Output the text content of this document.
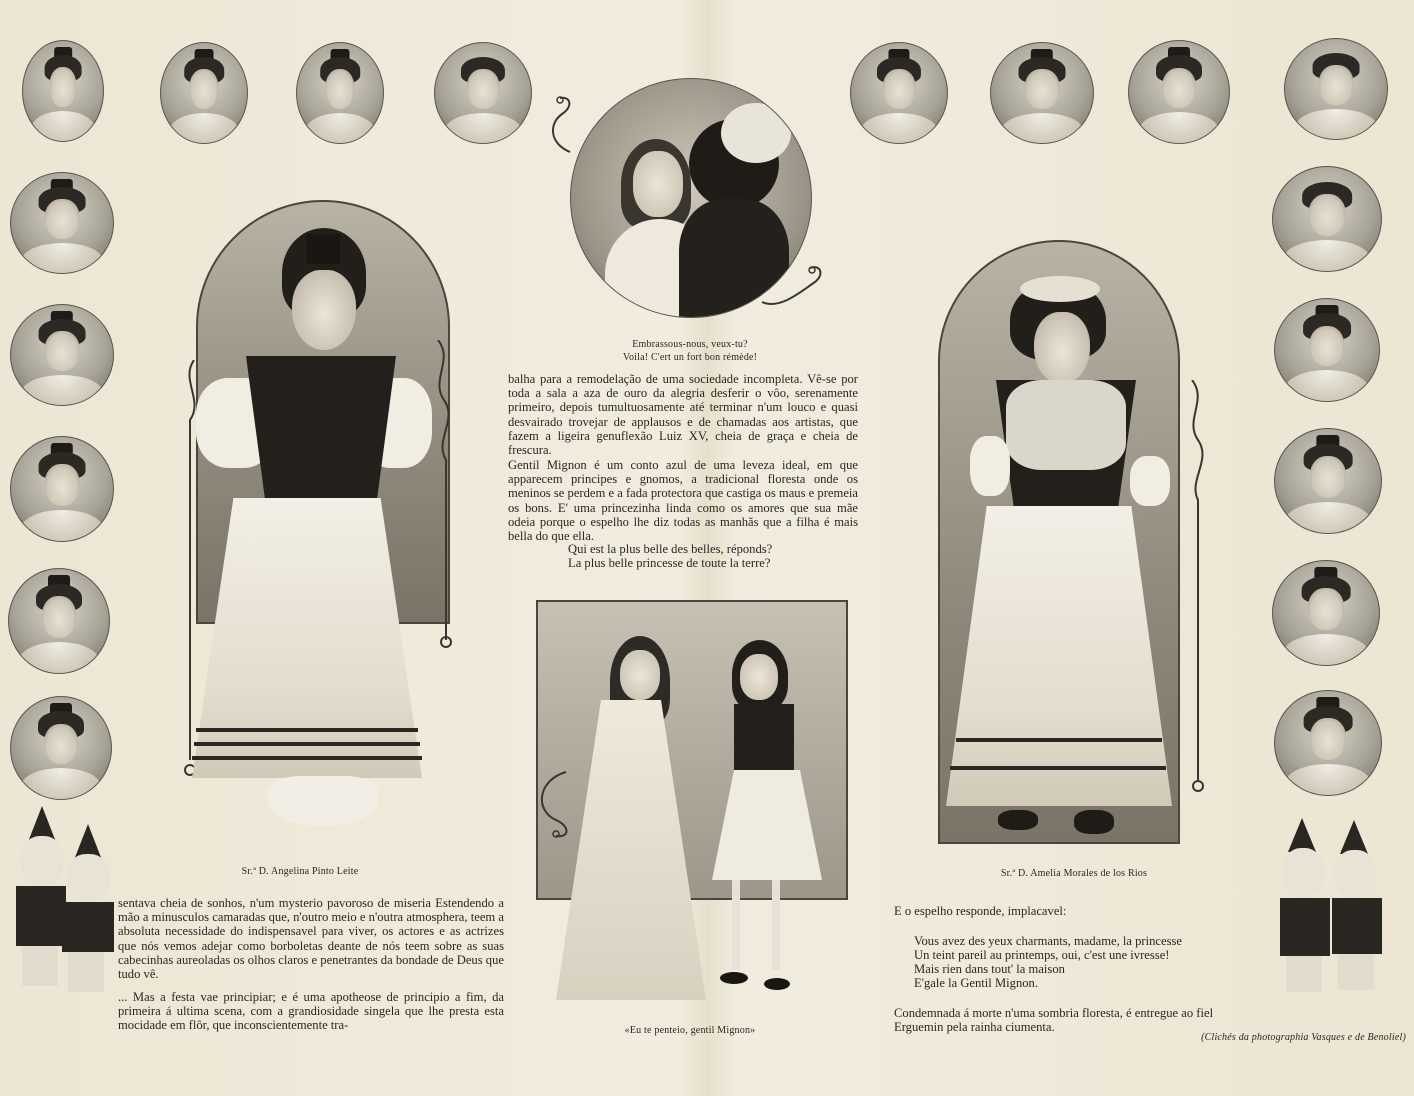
Embrassous-nous, veux-tu?
Voila! C'ert un fort bon rémède!
Sr.ª D. Angelina Pinto Leite	Sr.ª D. Amelia Morales de los Rios
«Eu te penteio, gentil Mignon»
balha para a remodelação de uma sociedade incompleta. Vê-se por toda a sala a aza de ouro da alegria desferir o vôo, serenamente primeiro, depois tumultuosamente até terminar n'um louco e quasi desvairado trovejar de applausos e de chamadas aos artistas, que fazem a ligeira genuflexão Luiz XV, cheia de graça e cheia de frescura.
Gentil Mignon é um conto azul de uma leveza ideal, em que apparecem principes e gnomos, a tradicional floresta onde os meninos se perdem e a fada protectora que castiga os maus e premeia os bons. E' uma princezinha linda como os amores que sua mãe odeia porque o espelho lhe diz todas as manhãs que a filha é mais bella do que ella.
Qui est la plus belle des belles, réponds?
La plus belle princesse de toute la terre?
sentava cheia de sonhos, n'um mysterio pavoroso de miseria Estendendo a mão a minusculos camaradas que, n'outro meio e n'outra atmosphera, teem a absoluta necessidade do indispensavel para viver, os actores e as actrizes que nós vemos adejar como borboletas deante de nós teem sobre as suas cabecinhas aureoladas os olhos claros e penetrantes da bondade de Deus que tudo vê.
... Mas a festa vae principiar; e é uma apotheose de principio a fim, da primeira á ultima scena, com a grandiosidade singela que lhe presta esta mocidade em flôr, que inconscientemente tra-
E o espelho responde, implacavel:
Vous avez des yeux charmants, madame, la princesse
Un teint pareil au printemps, oui, c'est une ivresse!
Mais rien dans tout' la maison
E'gale la Gentil Mignon.
Condemnada á morte n'uma sombria floresta, é entregue ao fiel
Erguemin pela rainha ciumenta.
(Clichés da photographia Vasques e de Benoliel)
